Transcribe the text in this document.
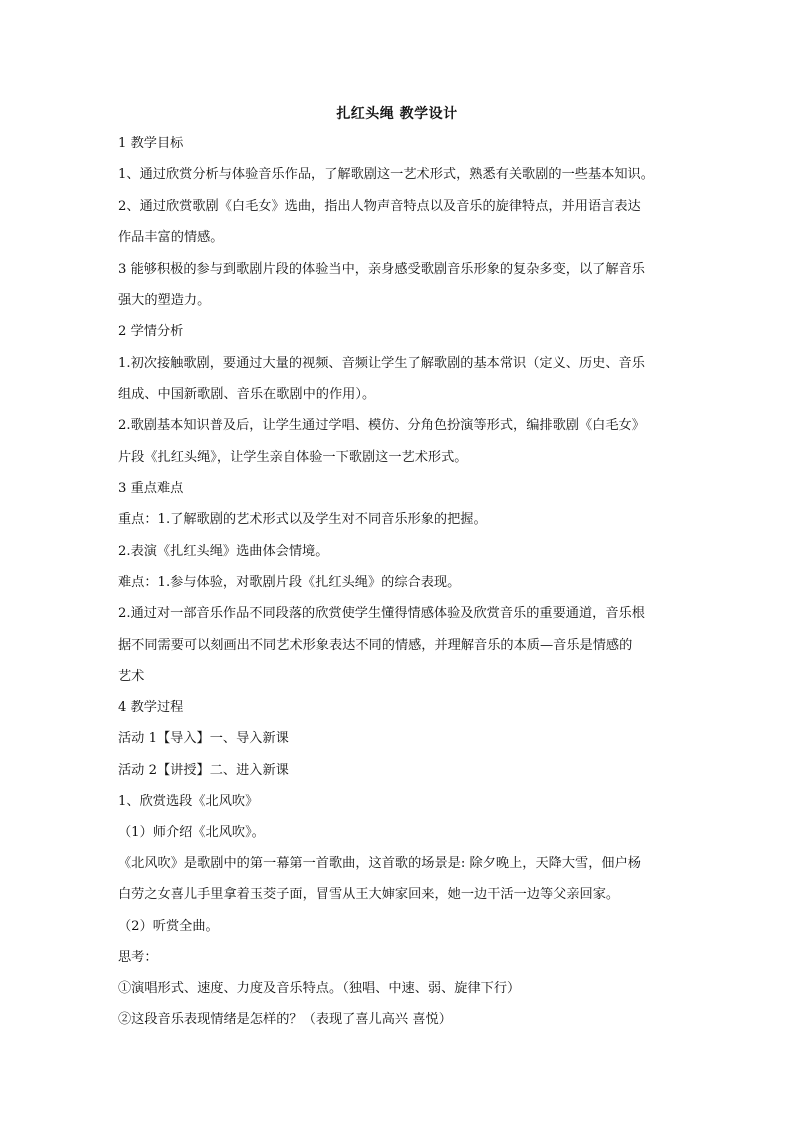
扎红头绳 教学设计
1 教学目标
1、通过欣赏分析与体验音乐作品，了解歌剧这一艺术形式，熟悉有关歌剧的一些基本知识。
2、通过欣赏歌剧《白毛女》选曲，指出人物声音特点以及音乐的旋律特点，并用语言表达
作品丰富的情感。
3 能够积极的参与到歌剧片段的体验当中，亲身感受歌剧音乐形象的复杂多变，以了解音乐
强大的塑造力。
2 学情分析
1.初次接触歌剧，要通过大量的视频、音频让学生了解歌剧的基本常识（定义、历史、音乐
组成、中国新歌剧、音乐在歌剧中的作用）。
2.歌剧基本知识普及后，让学生通过学唱、模仿、分角色扮演等形式，编排歌剧《白毛女》
片段《扎红头绳》，让学生亲自体验一下歌剧这一艺术形式。
3 重点难点
重点：1.了解歌剧的艺术形式以及学生对不同音乐形象的把握。
2.表演《扎红头绳》选曲体会情境。
难点：1.参与体验，对歌剧片段《扎红头绳》的综合表现。
2.通过对一部音乐作品不同段落的欣赏使学生懂得情感体验及欣赏音乐的重要通道，音乐根
据不同需要可以刻画出不同艺术形象表达不同的情感，并理解音乐的本质—音乐是情感的
艺术
4 教学过程
活动 1【导入】一、导入新课
活动 2【讲授】二、进入新课
1、欣赏选段《北风吹》
（1）师介绍《北风吹》。
《北风吹》是歌剧中的第一幕第一首歌曲，这首歌的场景是: 除夕晚上，天降大雪，佃户杨
白劳之女喜儿手里拿着玉茭子面，冒雪从王大婶家回来，她一边干活一边等父亲回家。
（2）听赏全曲。
思考：
①演唱形式、速度、力度及音乐特点。（独唱、中速、弱、旋律下行）
②这段音乐表现情绪是怎样的？（表现了喜儿高兴 喜悦）
